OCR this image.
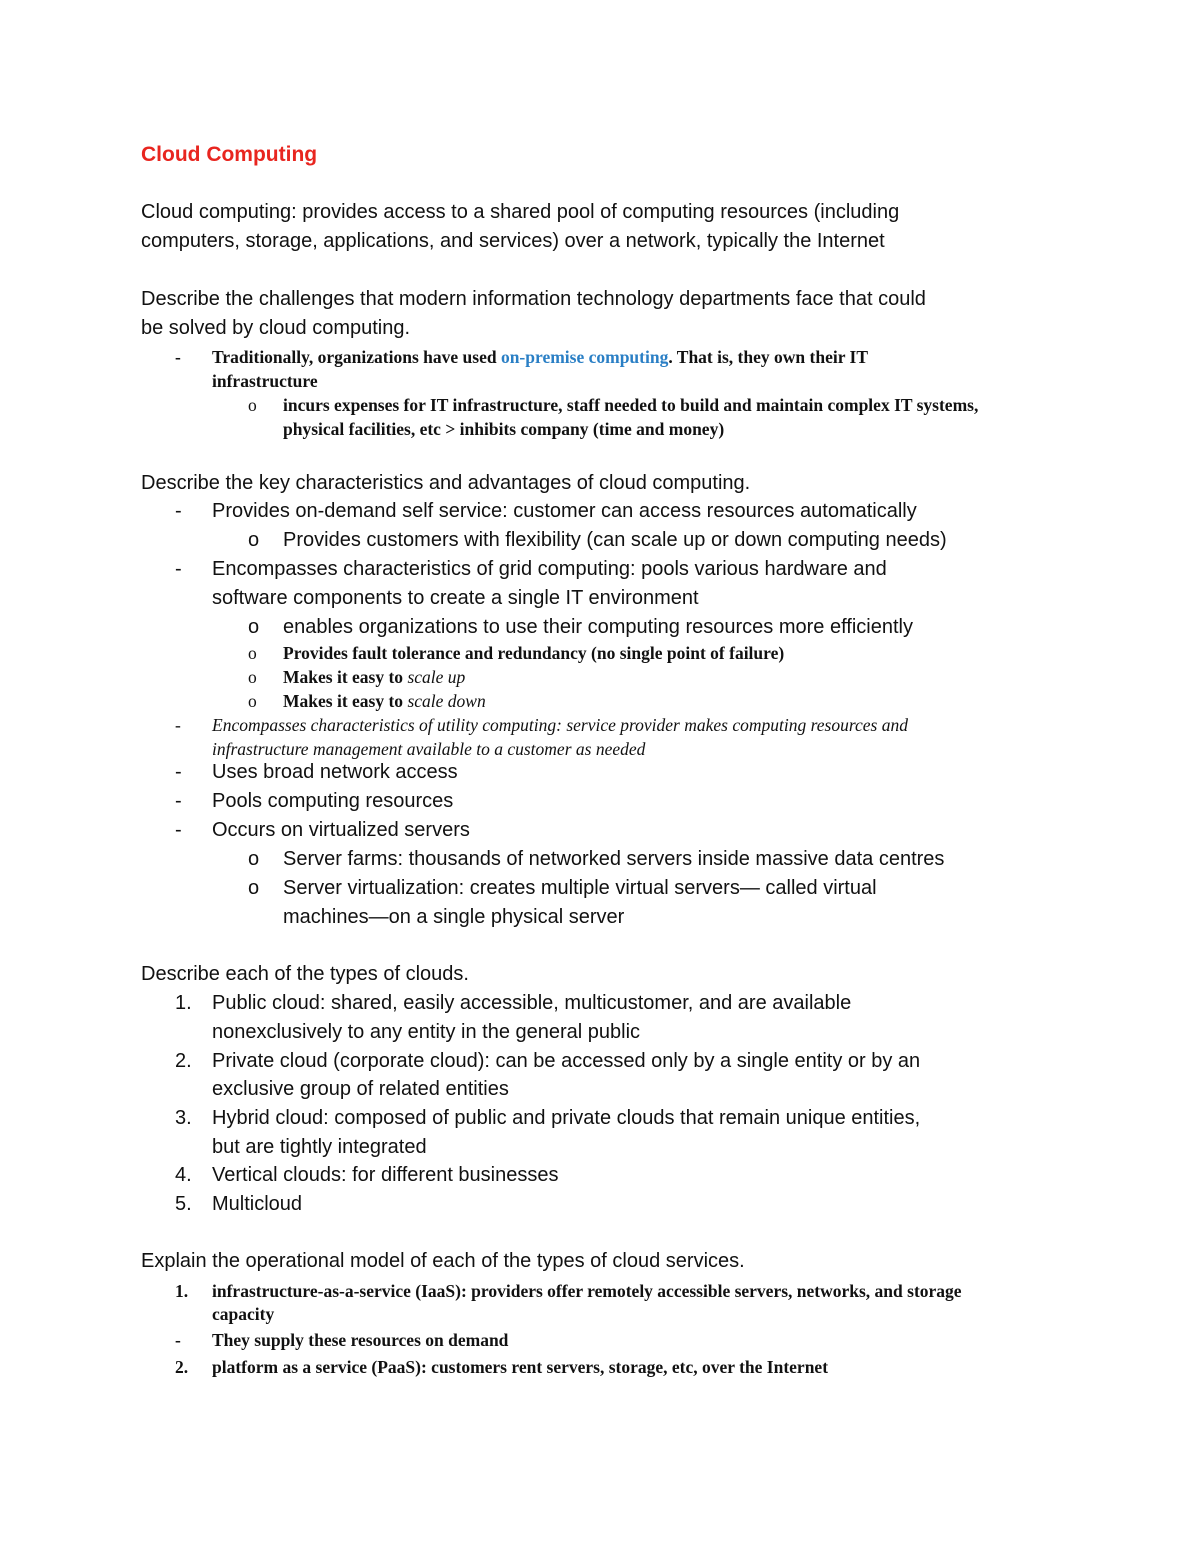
Cloud Computing
Cloud computing: provides access to a shared pool of computing resources (including
computers, storage, applications, and services) over a network, typically the Internet
Describe the challenges that modern information technology departments face that could
be solved by cloud computing.
- Traditionally, organizations have used on-premise computing. That is, they own their IT
infrastructure
o incurs expenses for IT infrastructure, staff needed to build and maintain complex IT systems,
physical facilities, etc > inhibits company (time and money)
Describe the key characteristics and advantages of cloud computing.
- Provides on-demand self service: customer can access resources automatically
o Provides customers with flexibility (can scale up or down computing needs)
- Encompasses characteristics of grid computing: pools various hardware and
software components to create a single IT environment
o enables organizations to use their computing resources more efficiently
o Provides fault tolerance and redundancy (no single point of failure)
o Makes it easy to scale up
o Makes it easy to scale down
- Encompasses characteristics of utility computing: service provider makes computing resources and
infrastructure management available to a customer as needed
- Uses broad network access
- Pools computing resources
- Occurs on virtualized servers
o Server farms: thousands of networked servers inside massive data centres
o Server virtualization: creates multiple virtual servers— called virtual
machines—on a single physical server
Describe each of the types of clouds.
1. Public cloud: shared, easily accessible, multicustomer, and are available
nonexclusively to any entity in the general public
2. Private cloud (corporate cloud): can be accessed only by a single entity or by an
exclusive group of related entities
3. Hybrid cloud: composed of public and private clouds that remain unique entities,
but are tightly integrated
4. Vertical clouds: for different businesses
5. Multicloud
Explain the operational model of each of the types of cloud services.
1. infrastructure-as-a-service (IaaS): providers offer remotely accessible servers, networks, and storage
capacity
- They supply these resources on demand
2. platform as a service (PaaS): customers rent servers, storage, etc, over the Internet
